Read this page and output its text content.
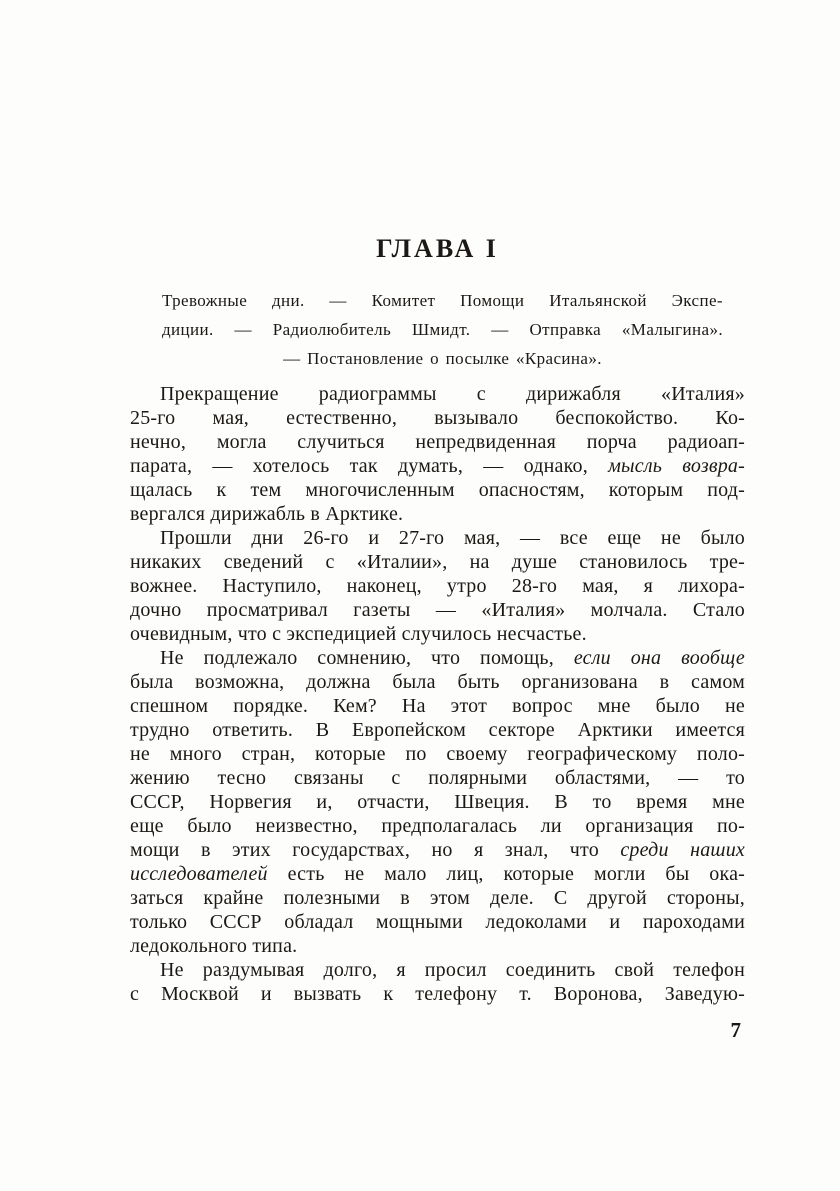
ГЛАВА I
Тревожные дни. — Комитет Помощи Итальянской Экспе-
диции. — Радиолюбитель Шмидт. — Отправка «Малыгина».
— Постановление о посылке «Красина».
Прекращение радиограммы с дирижабля «Италия»
25-го мая, естественно, вызывало беспокойство. Ко-
нечно, могла случиться непредвиденная порча радиоап-
парата, — хотелось так думать, — однако, мысль возвра-
щалась к тем многочисленным опасностям, которым под-
вергался дирижабль в Арктике.
Прошли дни 26-го и 27-го мая, — все еще не было
никаких сведений с «Италии», на душе становилось тре-
вожнее. Наступило, наконец, утро 28-го мая, я лихора-
дочно просматривал газеты — «Италия» молчала. Стало
очевидным, что с экспедицией случилось несчастье.
Не подлежало сомнению, что помощь, если она вообще
была возможна, должна была быть организована в самом
спешном порядке. Кем? На этот вопрос мне было не
трудно ответить. В Европейском секторе Арктики имеется
не много стран, которые по своему географическому поло-
жению тесно связаны с полярными областями, — то
СССР, Норвегия и, отчасти, Швеция. В то время мне
еще было неизвестно, предполагалась ли организация по-
мощи в этих государствах, но я знал, что среди наших
исследователей есть не мало лиц, которые могли бы ока-
заться крайне полезными в этом деле. С другой стороны,
только СССР обладал мощными ледоколами и пароходами
ледокольного типа.
Не раздумывая долго, я просил соединить свой телефон
с Москвой и вызвать к телефону т. Воронова, Заведую-
7
